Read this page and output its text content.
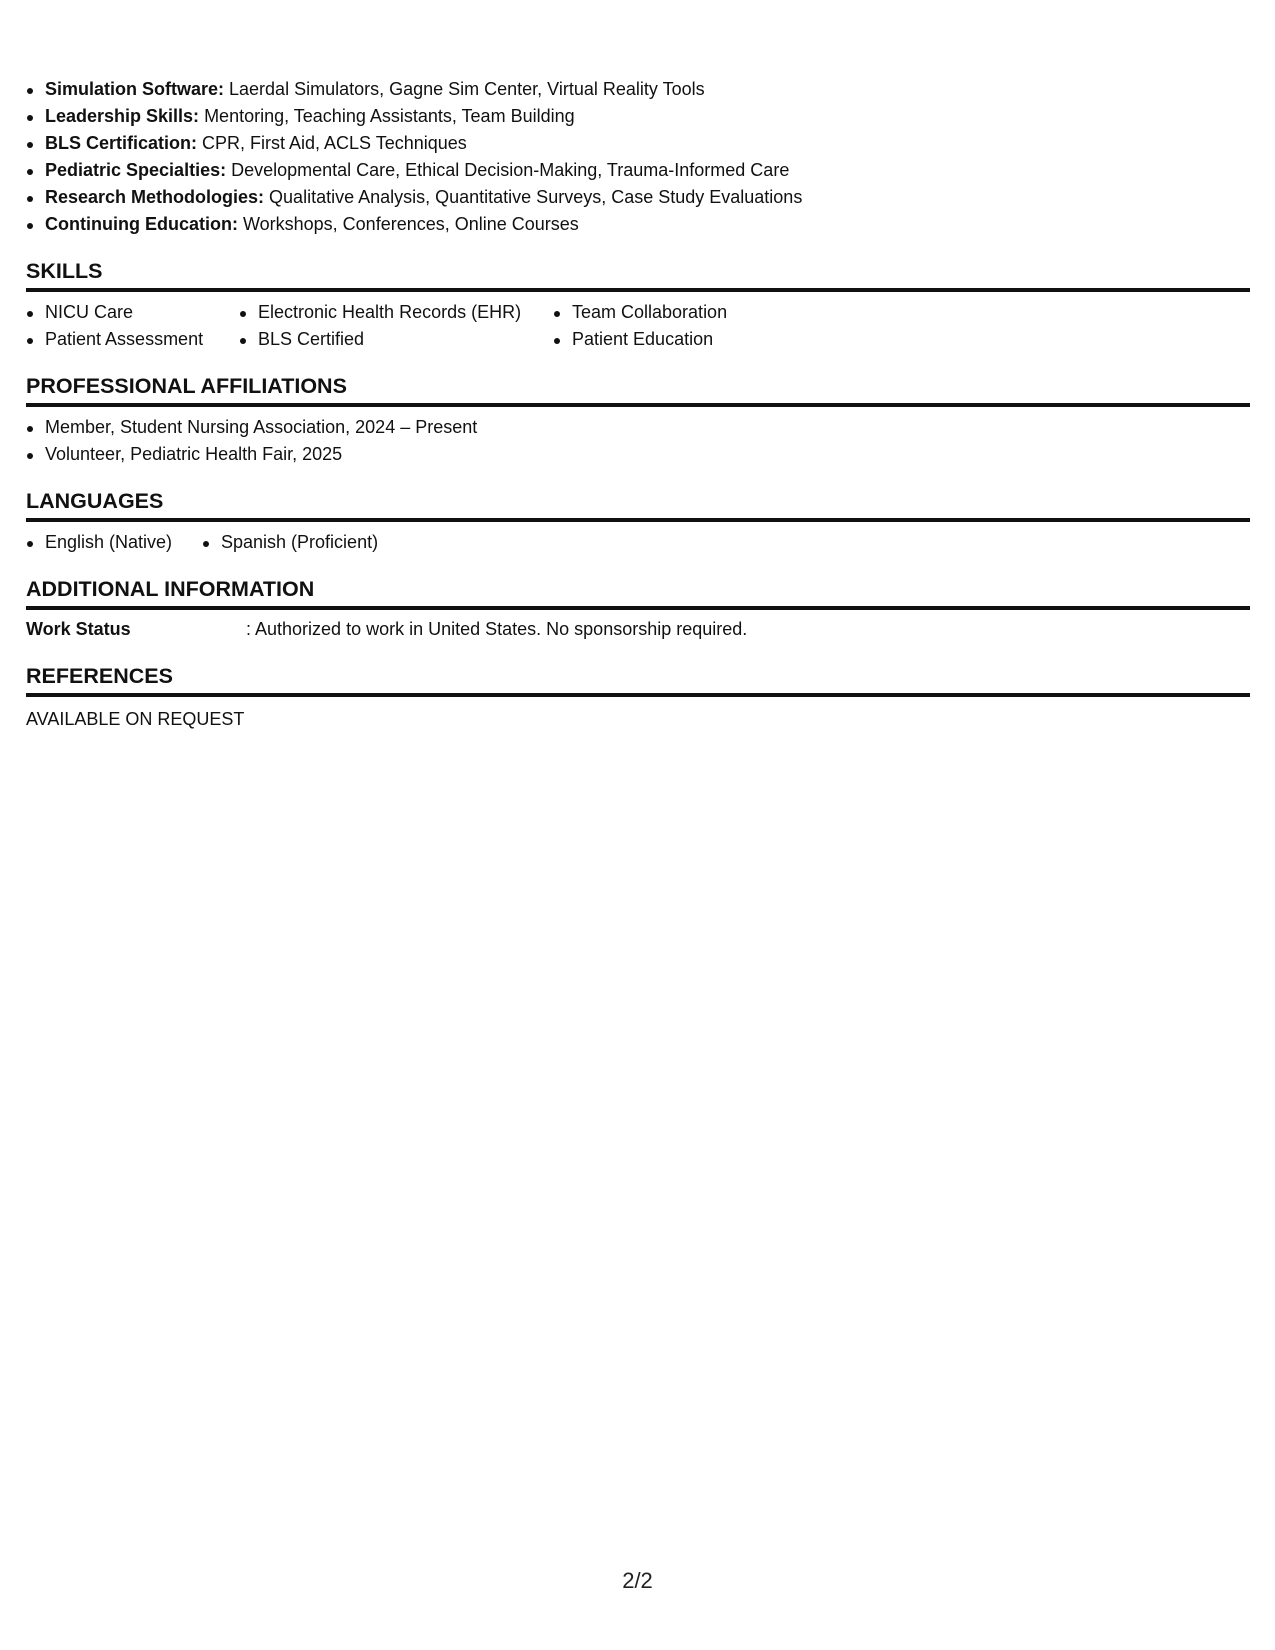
Simulation Software: Laerdal Simulators, Gagne Sim Center, Virtual Reality Tools
Leadership Skills: Mentoring, Teaching Assistants, Team Building
BLS Certification: CPR, First Aid, ACLS Techniques
Pediatric Specialties: Developmental Care, Ethical Decision-Making, Trauma-Informed Care
Research Methodologies: Qualitative Analysis, Quantitative Surveys, Case Study Evaluations
Continuing Education: Workshops, Conferences, Online Courses
SKILLS
NICU Care
Patient Assessment
Electronic Health Records (EHR)
BLS Certified
Team Collaboration
Patient Education
PROFESSIONAL AFFILIATIONS
Member, Student Nursing Association, 2024 – Present
Volunteer, Pediatric Health Fair, 2025
LANGUAGES
English (Native)	Spanish (Proficient)
ADDITIONAL INFORMATION
Work Status	: Authorized to work in United States. No sponsorship required.
REFERENCES
AVAILABLE ON REQUEST
2/2
